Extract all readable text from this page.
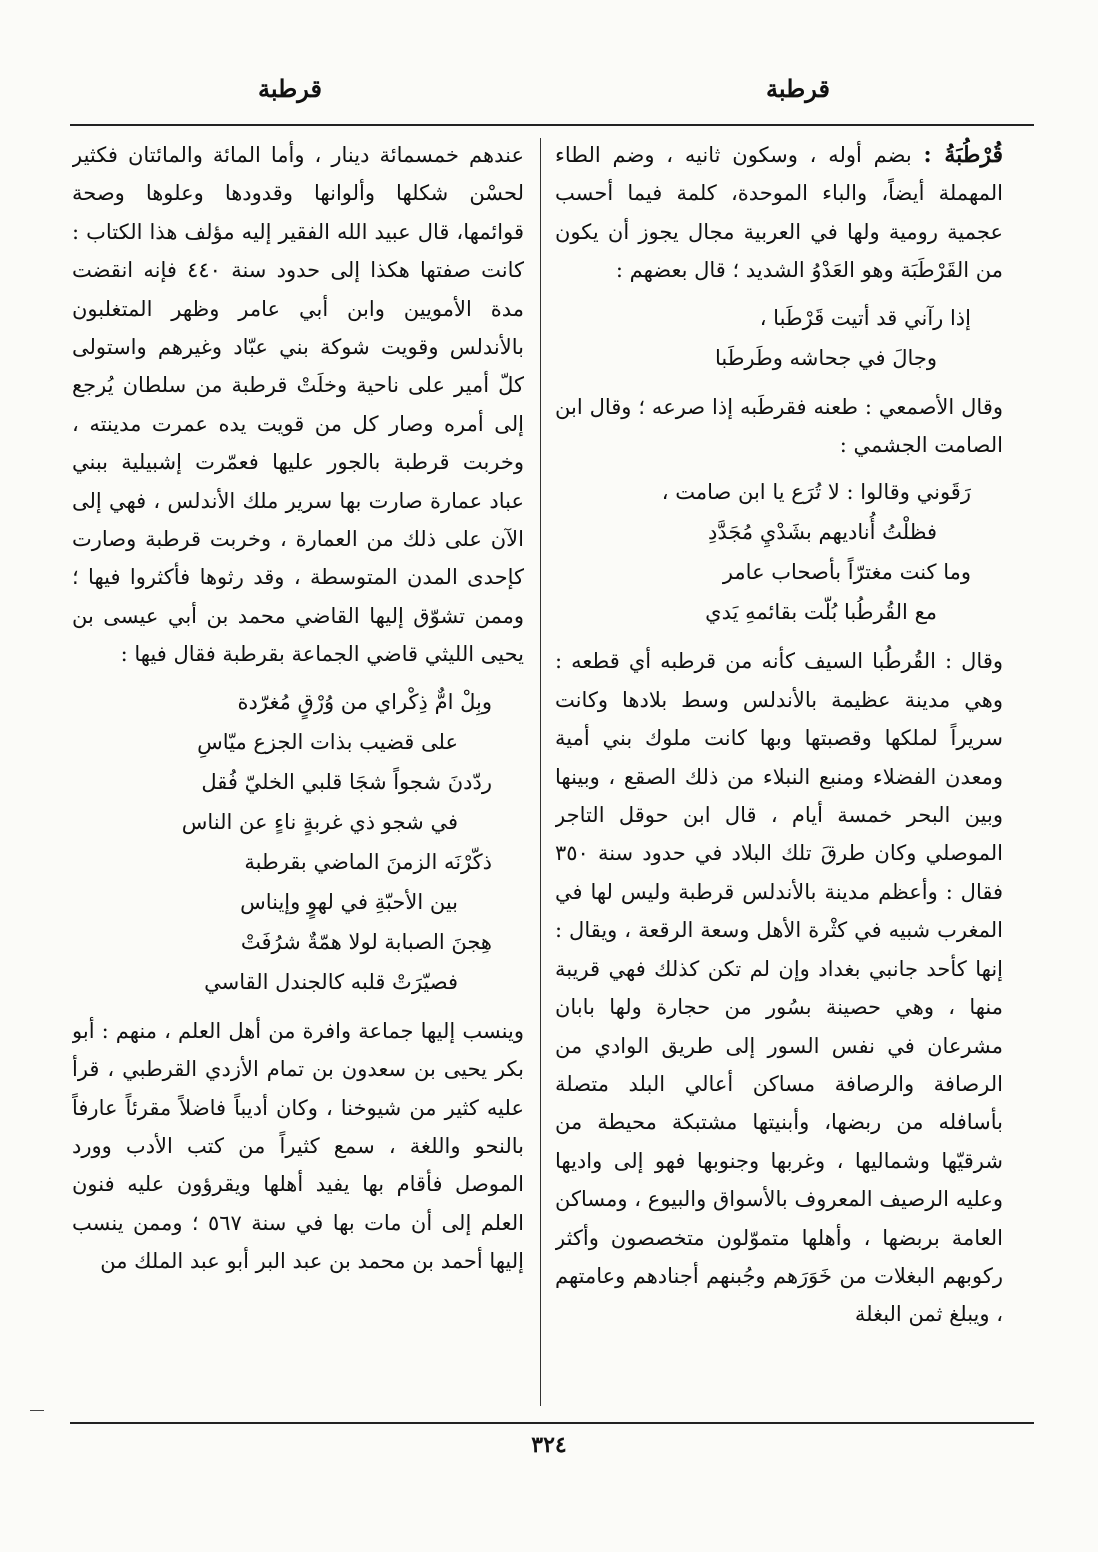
قرطبة
قرطبة

قُرْطُبَةُ : بضم أوله ، وسكون ثانيه ، وضم الطاء المهملة أيضاً، والباء الموحدة، كلمة فيما أحسب عجمية رومية ولها في العربية مجال يجوز أن يكون من القَرْطَبَة وهو العَدْوُ الشديد ؛ قال بعضهم :

إذا رآني قد أتيت قَرْطَبا ،
وجالَ في جحاشه وطَرطَبا

وقال الأصمعي : طعنه فقرطَبه إذا صرعه ؛ وقال ابن الصامت الجشمي :

رَقَوني وقالوا : لا تُرَع يا ابن صامت ،
فظلْتُ أُناديهم بشَدْيِ مُجَدَّدِ
وما كنت مغترّاً بأصحاب عامر
مع القُرطُبا بُلّت بقائمهِ يَدي

وقال : القُرطُبا السيف كأنه من قرطبه أي قطعه : وهي مدينة عظيمة بالأندلس وسط بلادها وكانت سريراً لملكها وقصبتها وبها كانت ملوك بني أمية ومعدن الفضلاء ومنبع النبلاء من ذلك الصقع ، وبينها وبين البحر خمسة أيام ، قال ابن حوقل التاجر الموصلي وكان طرقَ تلك البلاد في حدود سنة ٣٥٠ فقال : وأعظم مدينة بالأندلس قرطبة وليس لها في المغرب شبيه في كثْرة الأهل وسعة الرقعة ، ويقال : إنها كأحد جانبي بغداد وإن لم تكن كذلك فهي قريبة منها ، وهي حصينة بسُور من حجارة ولها بابان مشرعان في نفس السور إلى طريق الوادي من الرصافة والرصافة مساكن أعالي البلد متصلة بأسافله من ربضها، وأبنيتها مشتبكة محيطة من شرقيّها وشماليها ، وغربها وجنوبها فهو إلى واديها وعليه الرصيف المعروف بالأسواق والبيوع ، ومساكن العامة بربضها ، وأهلها متموّلون متخصصون وأكثر ركوبهم البغلات من خَوَرَهم وجُبنهم أجنادهم وعامتهم ، ويبلغ ثمن البغلة

عندهم خمسمائة دينار ، وأما المائة والمائتان فكثير لحسْن شكلها وألوانها وقدودها وعلوها وصحة قوائمها، قال عبيد الله الفقير إليه مؤلف هذا الكتاب : كانت صفتها هكذا إلى حدود سنة ٤٤٠ فإنه انقضت مدة الأمويين وابن أبي عامر وظهر المتغلبون بالأندلس وقويت شوكة بني عبّاد وغيرهم واستولى كلّ أمير على ناحية وخلَتْ قرطبة من سلطان يُرجع إلى أمره وصار كل من قويت يده عمرت مدينته ، وخربت قرطبة بالجور عليها فعمّرت إشبيلية ببني عباد عمارة صارت بها سرير ملك الأندلس ، فهي إلى الآن على ذلك من العمارة ، وخربت قرطبة وصارت كإحدى المدن المتوسطة ، وقد رثوها فأكثروا فيها ؛ وممن تشوّق إليها القاضي محمد بن أبي عيسى بن يحيى الليثي قاضي الجماعة بقرطبة فقال فيها :

وبِلْ امٌّ ذِكْراي من وُرْقٍ مُغرّدة
على قضيب بذات الجزع ميّاسِ
ردّدنَ شجواً شجَا قلبي الخليّ فُقل
في شجو ذي غربةٍ ناءٍ عن الناس
ذكّرْنَه الزمنَ الماضي بقرطبة
بين الأحبّةِ في لهوٍ وإيناس
هِجنَ الصبابة لولا همّةٌ شرُفَتْ
فصيّرَتْ قلبه كالجندل القاسي

وينسب إليها جماعة وافرة من أهل العلم ، منهم : أبو بكر يحيى بن سعدون بن تمام الأزدي القرطبي ، قرأ عليه كثير من شيوخنا ، وكان أديباً فاضلاً مقرئاً عارفاً بالنحو واللغة ، سمع كثيراً من كتب الأدب وورد الموصل فأقام بها يفيد أهلها ويقرؤون عليه فنون العلم إلى أن مات بها في سنة ٥٦٧ ؛ وممن ينسب إليها أحمد بن محمد بن عبد البر أبو عبد الملك من

٣٢٤
